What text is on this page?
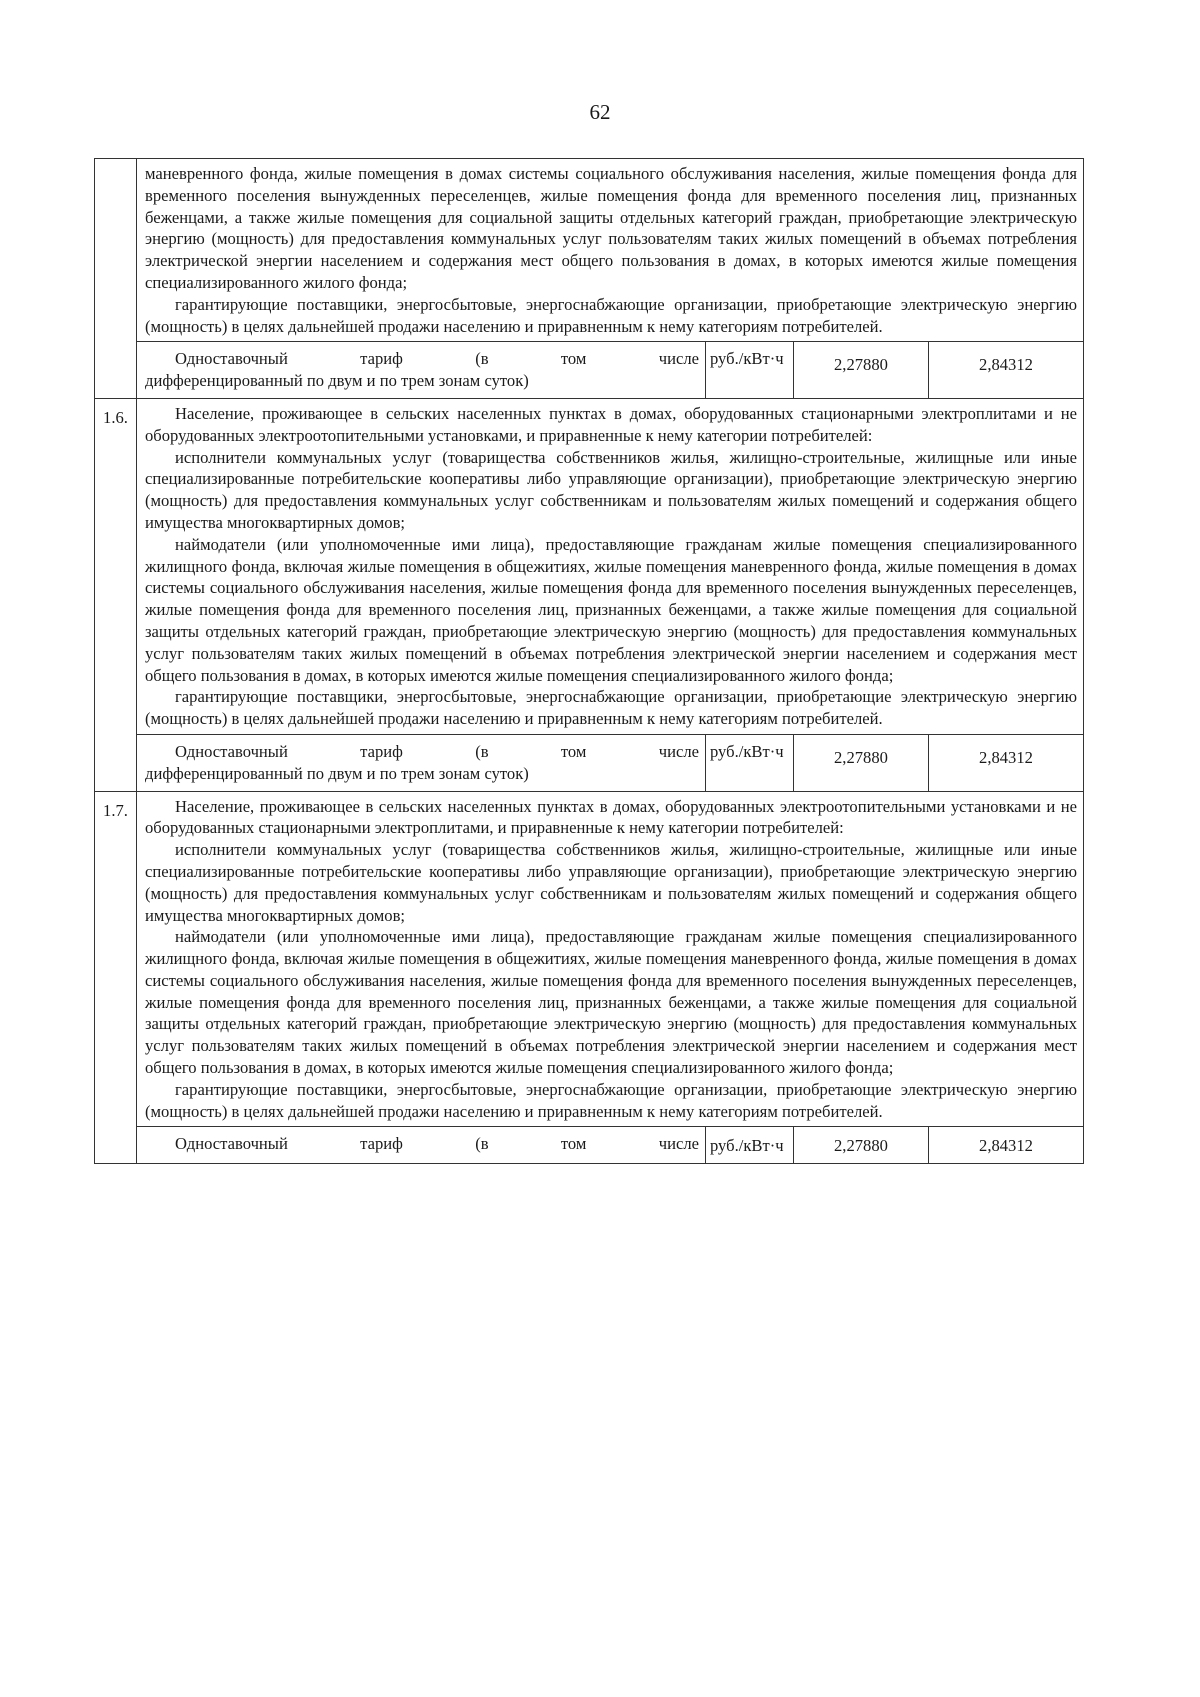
62

	маневренного фонда, жилые помещения в домах системы социального обслуживания населения, жилые помещения фонда для временного поселения вынужденных переселенцев, жилые помещения фонда для временного поселения лиц, признанных беженцами, а также жилые помещения для социальной защиты отдельных категорий граждан, приобретающие электрическую энергию (мощность) для предоставления коммунальных услуг пользователям таких жилых помещений в объемах потребления электрической энергии населением и содержания мест общего пользования в домах, в которых имеются жилые помещения специализированного жилого фонда;

гарантирующие поставщики, энергосбытовые, энергоснабжающие организации, приобретающие электрическую энергию (мощность) в целях дальнейшей продажи населению и приравненным к нему категориям потребителей.			

	Одноставочный тариф (в том числе
дифференцированный по двум и по трем зонам суток)	руб./кВт·ч	2,27880	2,84312
1.6.	Население, проживающее в сельских населенных пунктах в домах, оборудованных стационарными электроплитами и не оборудованных электроотопительными установками, и приравненные к нему категории потребителей:

исполнители коммунальных услуг (товарищества собственников жилья, жилищно-строительные, жилищные или иные специализированные потребительские кооперативы либо управляющие организации), приобретающие электрическую энергию (мощность) для предоставления коммунальных услуг собственникам и пользователям жилых помещений и содержания общего имущества многоквартирных домов;

наймодатели (или уполномоченные ими лица), предоставляющие гражданам жилые помещения специализированного жилищного фонда, включая жилые помещения в общежитиях, жилые помещения маневренного фонда, жилые помещения в домах системы социального обслуживания населения, жилые помещения фонда для временного поселения вынужденных переселенцев, жилые помещения фонда для временного поселения лиц, признанных беженцами, а также жилые помещения для социальной защиты отдельных категорий граждан, приобретающие электрическую энергию (мощность) для предоставления коммунальных услуг пользователям таких жилых помещений в объемах потребления электрической энергии населением и содержания мест общего пользования в домах, в которых имеются жилые помещения специализированного жилого фонда;

гарантирующие поставщики, энергосбытовые, энергоснабжающие организации, приобретающие электрическую энергию (мощность) в целях дальнейшей продажи населению и приравненным к нему категориям потребителей.			

	Одноставочный тариф (в том числе
дифференцированный по двум и по трем зонам суток)	руб./кВт·ч	2,27880	2,84312
1.7.	Население, проживающее в сельских населенных пунктах в домах, оборудованных электроотопительными установками и не оборудованных стационарными электроплитами, и приравненные к нему категории потребителей:

исполнители коммунальных услуг (товарищества собственников жилья, жилищно-строительные, жилищные или иные специализированные потребительские кооперативы либо управляющие организации), приобретающие электрическую энергию (мощность) для предоставления коммунальных услуг собственникам и пользователям жилых помещений и содержания общего имущества многоквартирных домов;

наймодатели (или уполномоченные ими лица), предоставляющие гражданам жилые помещения специализированного жилищного фонда, включая жилые помещения в общежитиях, жилые помещения маневренного фонда, жилые помещения в домах системы социального обслуживания населения, жилые помещения фонда для временного поселения вынужденных переселенцев, жилые помещения фонда для временного поселения лиц, признанных беженцами, а также жилые помещения для социальной защиты отдельных категорий граждан, приобретающие электрическую энергию (мощность) для предоставления коммунальных услуг пользователям таких жилых помещений в объемах потребления электрической энергии населением и содержания мест общего пользования в домах, в которых имеются жилые помещения специализированного жилого фонда;

гарантирующие поставщики, энергосбытовые, энергоснабжающие организации, приобретающие электрическую энергию (мощность) в целях дальнейшей продажи населению и приравненным к нему категориям потребителей.			

	Одноставочный тариф (в том числе	руб./кВт·ч	2,27880	2,84312
